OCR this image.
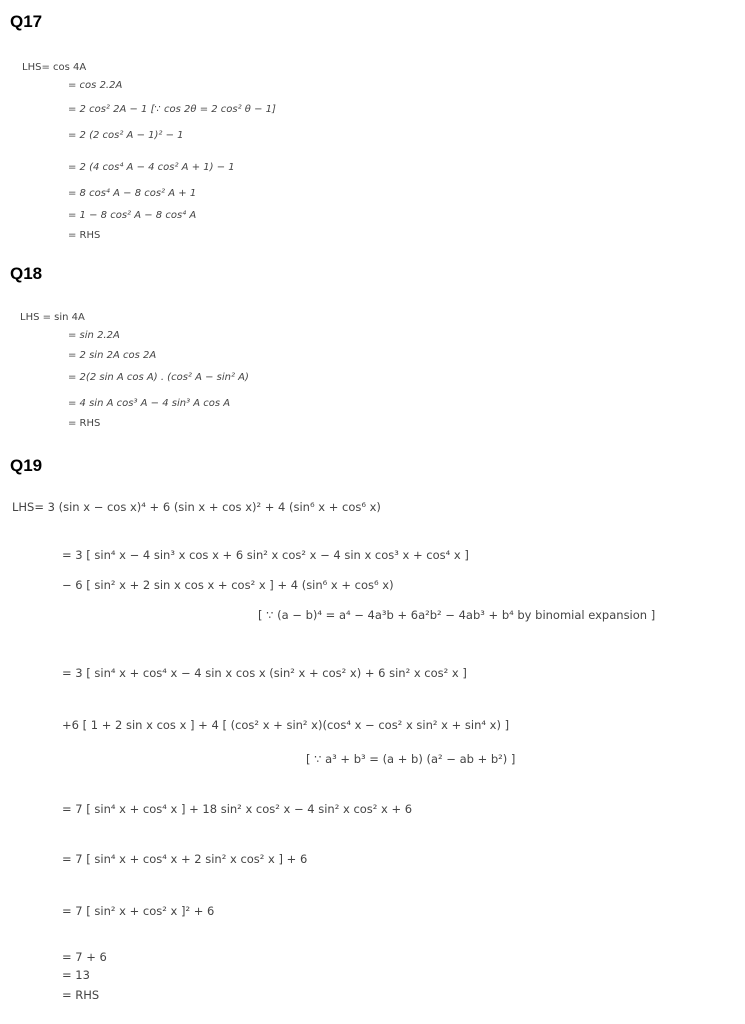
Q17
LHS= cos 4A
= cos 2.2A
= 2 cos² 2A − 1 [∵ cos 2θ = 2 cos² θ − 1]
= 2 (2 cos² A − 1)² − 1
= 2 (4 cos⁴ A − 4 cos² A + 1) − 1
= 8 cos⁴ A − 8 cos² A + 1
= 1 − 8 cos² A − 8 cos⁴ A
= RHS
Q18
LHS = sin 4A
= sin 2.2A
= 2 sin 2A cos 2A
= 2(2 sin A cos A) . (cos² A − sin² A)
= 4 sin A cos³ A − 4 sin³ A cos A
= RHS
Q19
LHS= 3 (sin x − cos x)⁴ + 6 (sin x + cos x)² + 4 (sin⁶ x + cos⁶ x)
= 3 [ sin⁴ x − 4 sin³ x cos x + 6 sin² x cos² x − 4 sin x cos³ x + cos⁴ x ]
− 6 [ sin² x + 2 sin x cos x + cos² x ] + 4 (sin⁶ x + cos⁶ x)
[ ∵ (a − b)⁴ = a⁴ − 4a³b + 6a²b² − 4ab³ + b⁴ by binomial expansion ]
= 3 [ sin⁴ x + cos⁴ x − 4 sin x cos x (sin² x + cos² x) + 6 sin² x cos² x ]
+6 [ 1 + 2 sin x cos x ] + 4 [ (cos² x + sin² x)(cos⁴ x − cos² x sin² x + sin⁴ x) ]
[ ∵ a³ + b³ = (a + b) (a² − ab + b²) ]
= 7 [ sin⁴ x + cos⁴ x ] + 18 sin² x cos² x − 4 sin² x cos² x + 6
= 7 [ sin⁴ x + cos⁴ x + 2 sin² x cos² x ] + 6
= 7 [ sin² x + cos² x ]² + 6
= 7 + 6
= 13
= RHS
